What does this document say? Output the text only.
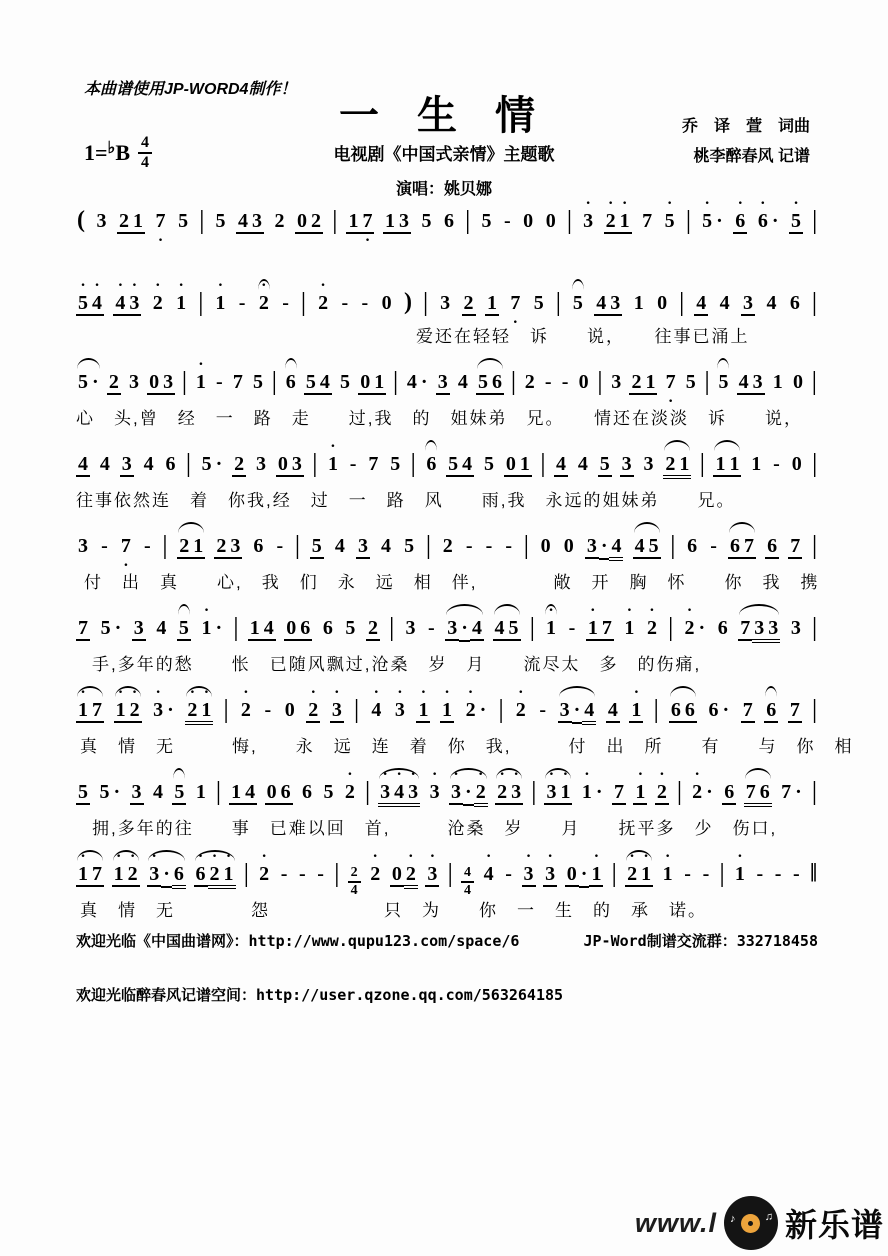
本曲谱使用JP-WORD4制作！
一 生 情
$1=^♭B \frac{4}{4}$	电视剧《中国式亲情》主题歌
乔　译　萱　词曲
桃李醉春风 记谱
演唱：姚贝娜
( 3 2 1 7
·
5 | 5 4 3 2 0 2 | 1 7
·
1 3 5 6 | 5 - 0 0 | 3
·
2
·
1
·
7 5
·
| 5
·
· 6
·
6
·
· 5
·
|
5
·
4
·
4
·
3
·
2
·
1
·
| 1
·
- 2
·
- | 2
·
- - 0 ) | 3 2 1 7
·
5 | 5 4 3 1 0 | 4 4 3 4 6 |
爱还在轻轻　诉　　说，　　往事已涌上
5 · 2 3 0 3 | 1
·
- 7 5 | 6 5 4 5 0 1 | 4 · 3 4 5 6 | 2 - - 0 | 3 2 1 7
·
5 | 5 4 3 1 0 |
心　头,曾　经　一　路　走　　过,我　的　姐妹弟　兄。　　情还在淡淡　诉　　说，
4 4 3 4 6 | 5 · 2 3 0 3 | 1
·
- 7 5 | 6 5 4 5 0 1 | 4 4 5 3 3 2 1 | 1 1 1 - 0 |
往事依然连　着　你我,经　过　一　路　风　　雨,我　永远的姐妹弟　　兄。
3 - 7
·
- | 2 1 2 3 6 - | 5 4 3 4 5 | 2 - - - | 0 0 3 · 4 4 5 | 6 - 6 7 6 7 |
付　出　真　　心,　我　们　永　远　相　伴,　　　　敞　开　胸　怀　　你　我　携
7 5 · 3 4 5 1
·
· | 1 4 0 6 6 5 2 | 3 - 3 · 4 4 5 | 1
·
- 1
·
7 1
·
2
·
| 2
·
· 6 7 3 3 3 |
手,多年的愁　　怅　已随风飘过,沧桑　岁　月　　流尽太　多　的伤痛,
1
·
7 1
·
2
·
3
·
· 2
·
1
·
| 2
·
- 0 2
·
3
·
| 4
·
3
·
1
·
1
·
2
·
· | 2
·
- 3 · 4 4 1
·
| 6 6 6 · 7 6 7 |
真　情　无　　　悔,　　永　远　连　着　你　我,　　　付　出　所　　有　　与　你　相
5 5 · 3 4 5 1 | 1 4 0 6 6 5 2
·
| 3
·
4
·
3
·
3
·
3
·
· 2
·
2
·
3
·
| 3
·
1
·
1
·
· 7 1
·
2
·
| 2
·
· 6 7 6 7 · |
拥,多年的往　　事　已难以回　首,　　　沧桑　岁　　月　　抚平多　少　伤口,
1
·
7 1
·
2
·
3
·
· 6 6
·
2
·
1
·
| 2
·
- - - | 2
4
2
·
0 2
·
3
·
| 4
4
4
·
- 3
·
3
·
0 · 1
·
| 2
·
1
·
1
·
- - | 1
·
- - - ‖
真　情　无　　　　怨　　　　　　只　为　　你　一　生　的　承　诺。
欢迎光临《中国曲谱网》：http://www.qupu123.com/space/6	JP-Word制谱交流群：332718458
欢迎光临醉春风记谱空间：http://user.qzone.qq.com/563264185
www.l ♪	♫ 新乐谱
